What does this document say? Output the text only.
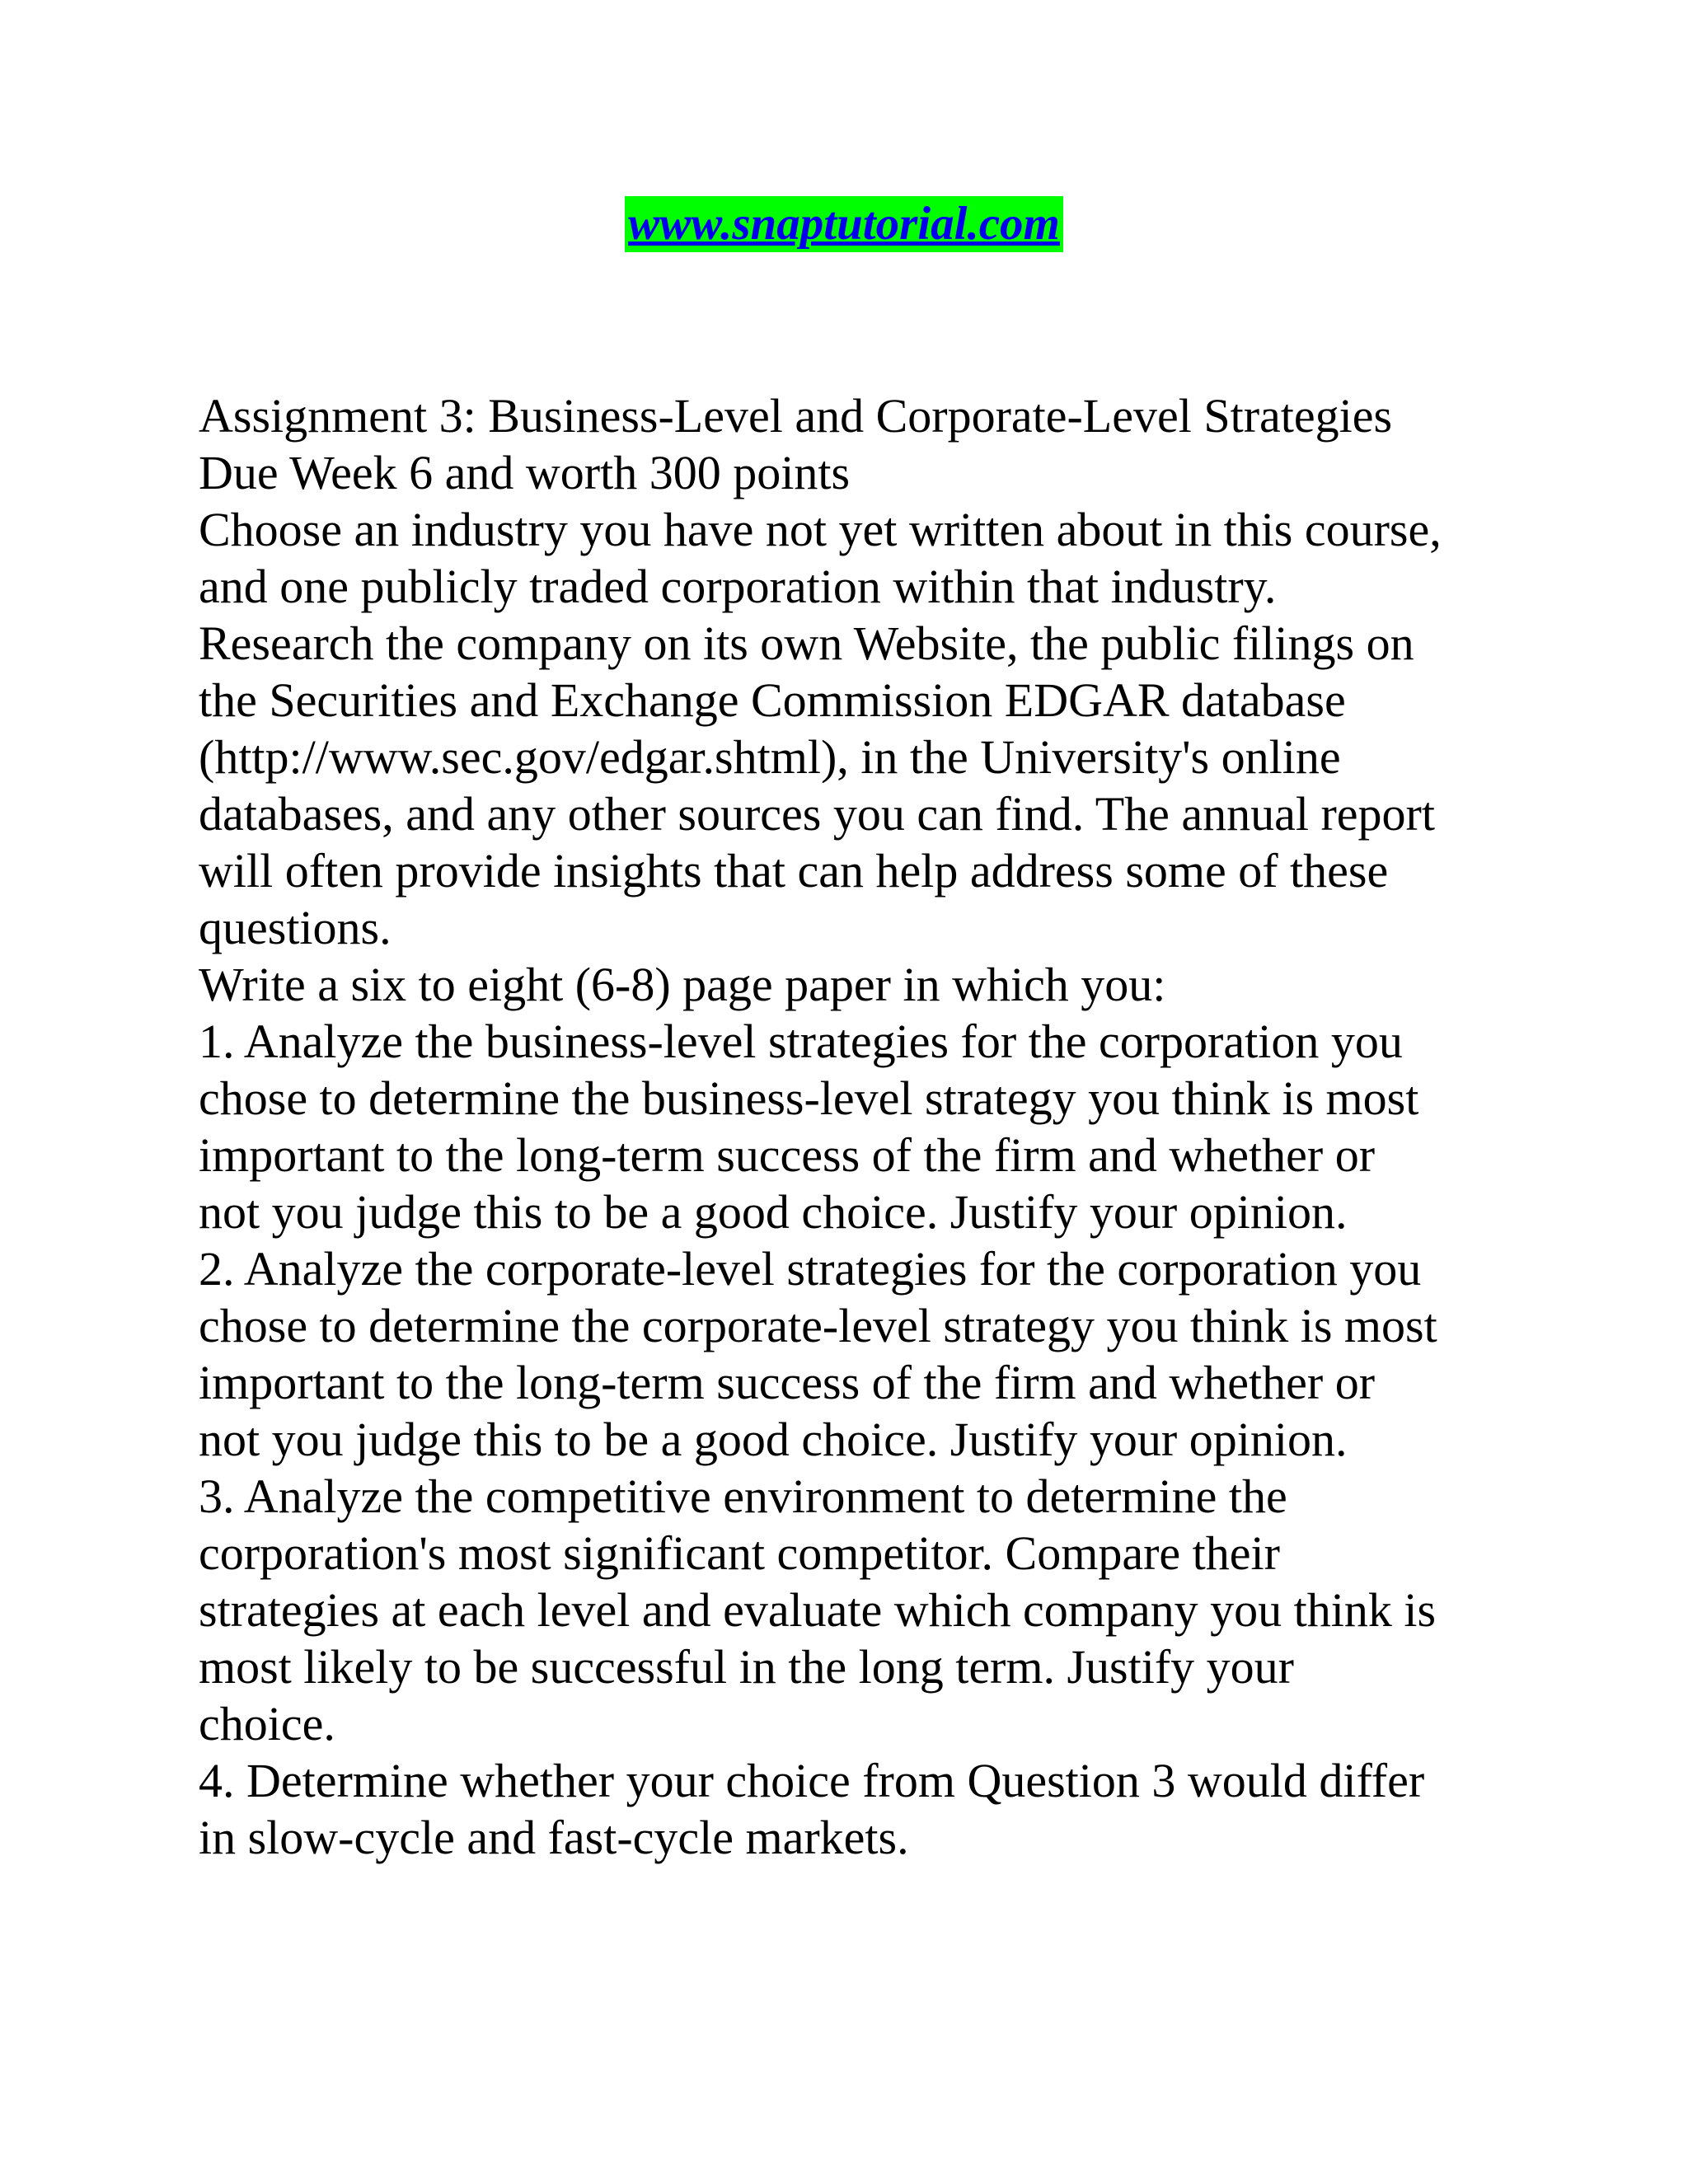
www.snaptutorial.com
Assignment 3: Business-Level and Corporate-Level Strategies
Due Week 6 and worth 300 points
Choose an industry you have not yet written about in this course,
and one publicly traded corporation within that industry.
Research the company on its own Website, the public filings on
the Securities and Exchange Commission EDGAR database
(http://www.sec.gov/edgar.shtml), in the University's online
databases, and any other sources you can find. The annual report
will often provide insights that can help address some of these
questions.
Write a six to eight (6-8) page paper in which you:
1. Analyze the business-level strategies for the corporation you
chose to determine the business-level strategy you think is most
important to the long-term success of the firm and whether or
not you judge this to be a good choice. Justify your opinion.
2. Analyze the corporate-level strategies for the corporation you
chose to determine the corporate-level strategy you think is most
important to the long-term success of the firm and whether or
not you judge this to be a good choice. Justify your opinion.
3. Analyze the competitive environment to determine the
corporation's most significant competitor. Compare their
strategies at each level and evaluate which company you think is
most likely to be successful in the long term. Justify your
choice.
4. Determine whether your choice from Question 3 would differ
in slow-cycle and fast-cycle markets.
